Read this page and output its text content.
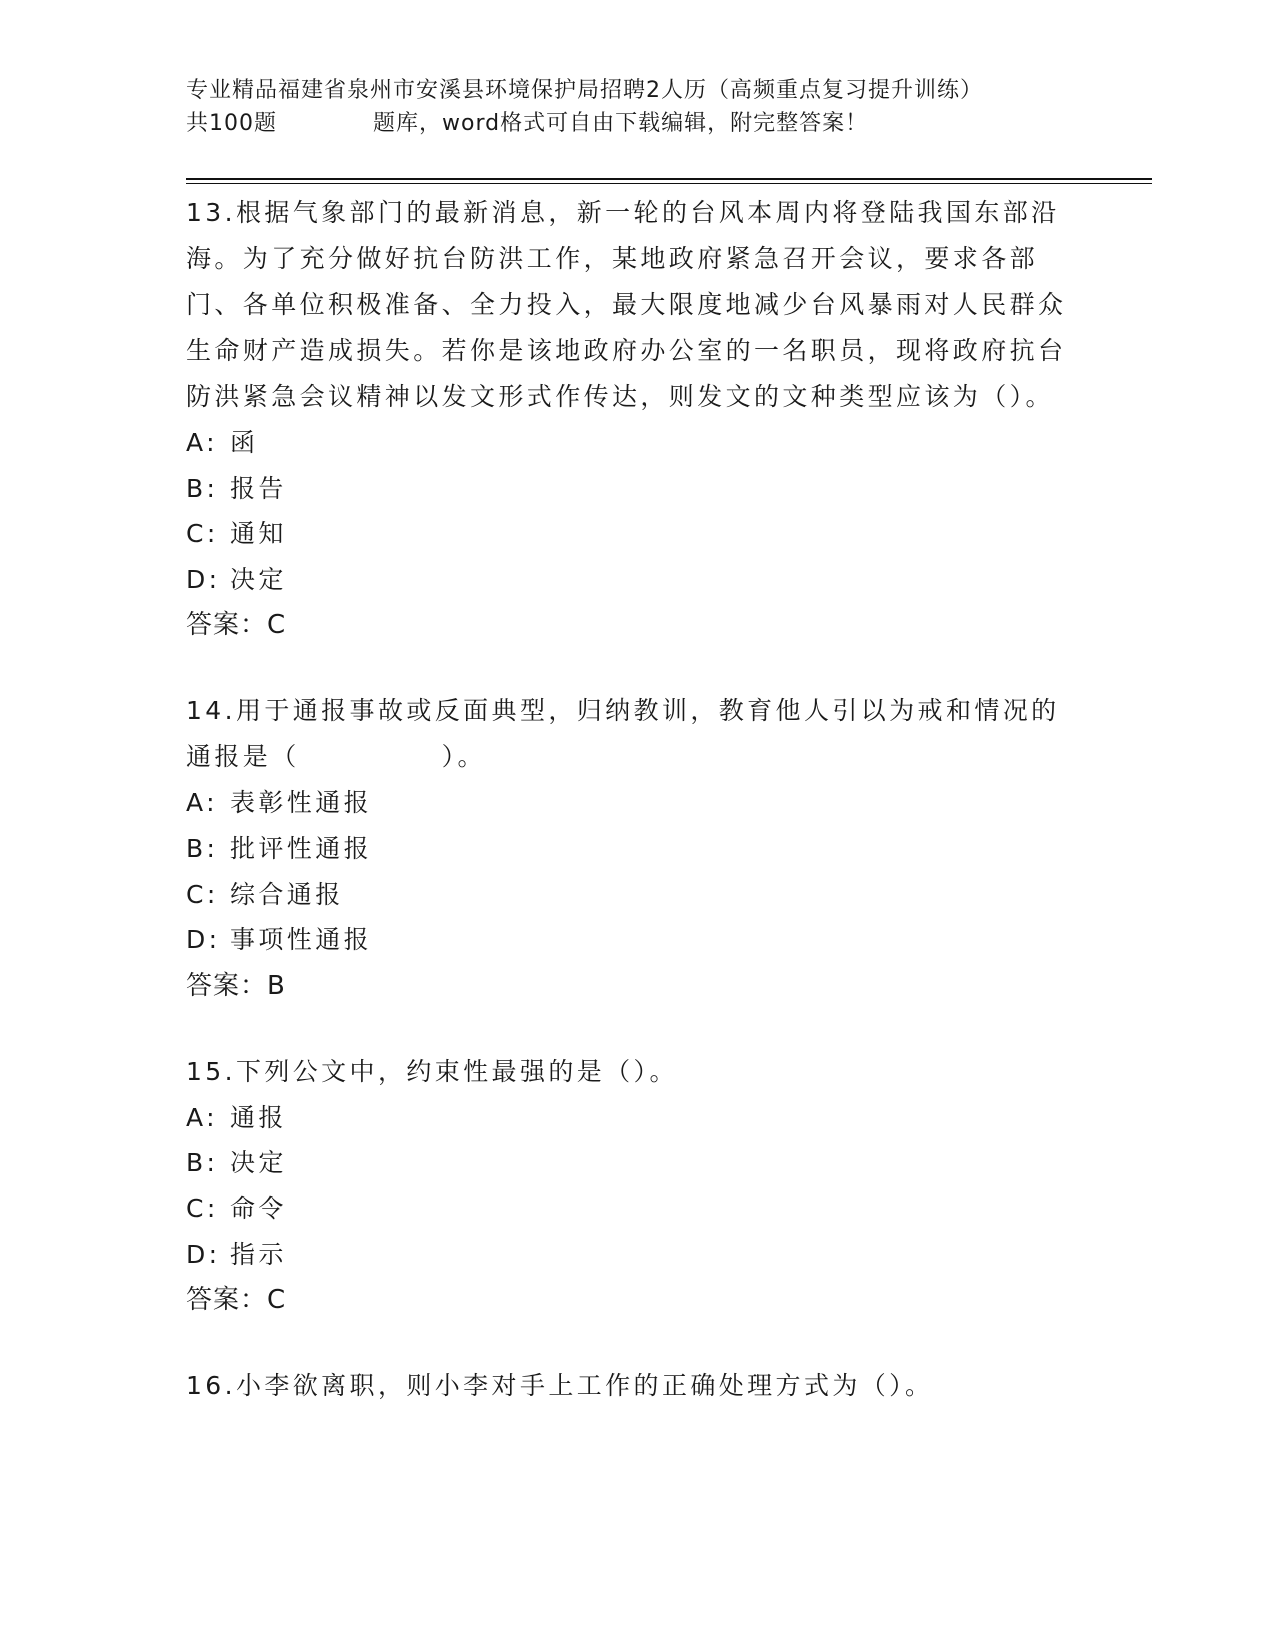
专业精品福建省泉州市安溪县环境保护局招聘2人历（高频重点复习提升训练）
共100题	题库，word格式可自由下载编辑，附完整答案！

13.根据气象部门的最新消息，新一轮的台风本周内将登陆我国东部沿海。为了充分做好抗台防洪工作，某地政府紧急召开会议，要求各部门、各单位积极准备、全力投入，最大限度地减少台风暴雨对人民群众生命财产造成损失。若你是该地政府办公室的一名职员，现将政府抗台防洪紧急会议精神以发文形式作传达，则发文的文种类型应该为（）。

A: 函
B: 报告
C: 通知
D: 决定
答案：C

14.用于通报事故或反面典型，归纳教训，教育他人引以为戒和情况的通报是（　　　　　）。

A: 表彰性通报
B: 批评性通报
C: 综合通报
D: 事项性通报
答案：B

15.下列公文中，约束性最强的是（）。

A: 通报
B: 决定
C: 命令
D: 指示
答案：C

16.小李欲离职，则小李对手上工作的正确处理方式为（）。
